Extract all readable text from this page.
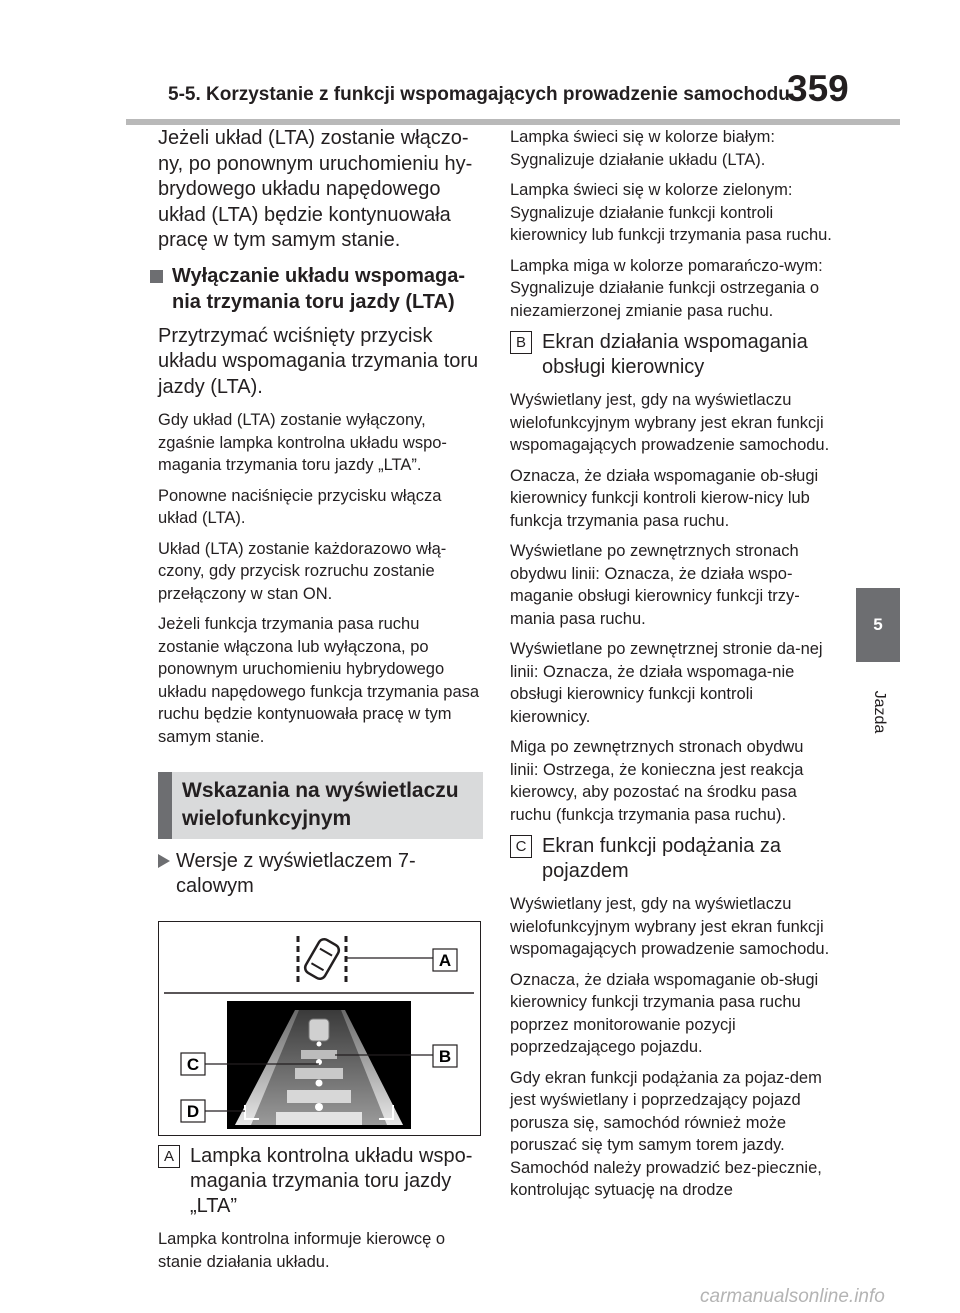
5-5. Korzystanie z funkcji wspomagających prowadzenie samochodu
359
5
Jazda

Jeżeli układ (LTA) zostanie włączo-ny, po ponownym uruchomieniu hy-brydowego układu napędowego układ (LTA) będzie kontynuowała pracę w tym samym stanie.

Wyłączanie układu wspomaga-nia trzymania toru jazdy (LTA)

Przytrzymać wciśnięty przycisk układu wspomagania trzymania toru jazdy (LTA).

Gdy układ (LTA) zostanie wyłączony, zgaśnie lampka kontrolna układu wspo-magania trzymania toru jazdy „LTA”.

Ponowne naciśnięcie przycisku włącza układ (LTA).

Układ (LTA) zostanie każdorazowo włą-czony, gdy przycisk rozruchu zostanie przełączony w stan ON.

Jeżeli funkcja trzymania pasa ruchu zostanie włączona lub wyłączona, po ponownym uruchomieniu hybrydowego układu napędowego funkcja trzymania pasa ruchu będzie kontynuowała pracę w tym samym stanie.

Wskazania na wyświetlaczu wielofunkcyjnym
Wersje z wyświetlaczem 7-calowym
A
B
C
D
A Lampka kontrolna układu wspo-magania trzymania toru jazdy „LTA”

Lampka kontrolna informuje kierowcę o stanie działania układu.

Lampka świeci się w kolorze białym: Sygnalizuje działanie układu (LTA).

Lampka świeci się w kolorze zielonym: Sygnalizuje działanie funkcji kontroli kierownicy lub funkcji trzymania pasa ruchu.

Lampka miga w kolorze pomarańczo-wym: Sygnalizuje działanie funkcji ostrzegania o niezamierzonej zmianie pasa ruchu.

B Ekran działania wspomagania obsługi kierownicy

Wyświetlany jest, gdy na wyświetlaczu wielofunkcyjnym wybrany jest ekran funkcji wspomagających prowadzenie samochodu.

Oznacza, że działa wspomaganie ob-sługi kierownicy funkcji kontroli kierow-nicy lub funkcja trzymania pasa ruchu.

Wyświetlane po zewnętrznych stronach obydwu linii: Oznacza, że działa wspo-maganie obsługi kierownicy funkcji trzy-mania pasa ruchu.

Wyświetlane po zewnętrznej stronie da-nej linii: Oznacza, że działa wspomaga-nie obsługi kierownicy funkcji kontroli kierownicy.

Miga po zewnętrznych stronach obydwu linii: Ostrzega, że konieczna jest reakcja kierowcy, aby pozostać na środku pasa ruchu (funkcja trzymania pasa ruchu).

C Ekran funkcji podążania za pojazdem

Wyświetlany jest, gdy na wyświetlaczu wielofunkcyjnym wybrany jest ekran funkcji wspomagających prowadzenie samochodu.

Oznacza, że działa wspomaganie ob-sługi kierownicy funkcji trzymania pasa ruchu poprzez monitorowanie pozycji poprzedzającego pojazdu.

Gdy ekran funkcji podążania za pojaz-dem jest wyświetlany i poprzedzający pojazd porusza się, samochód również może poruszać się tym samym torem jazdy. Samochód należy prowadzić bez-piecznie, kontrolując sytuację na drodze

carmanualsonline.info
